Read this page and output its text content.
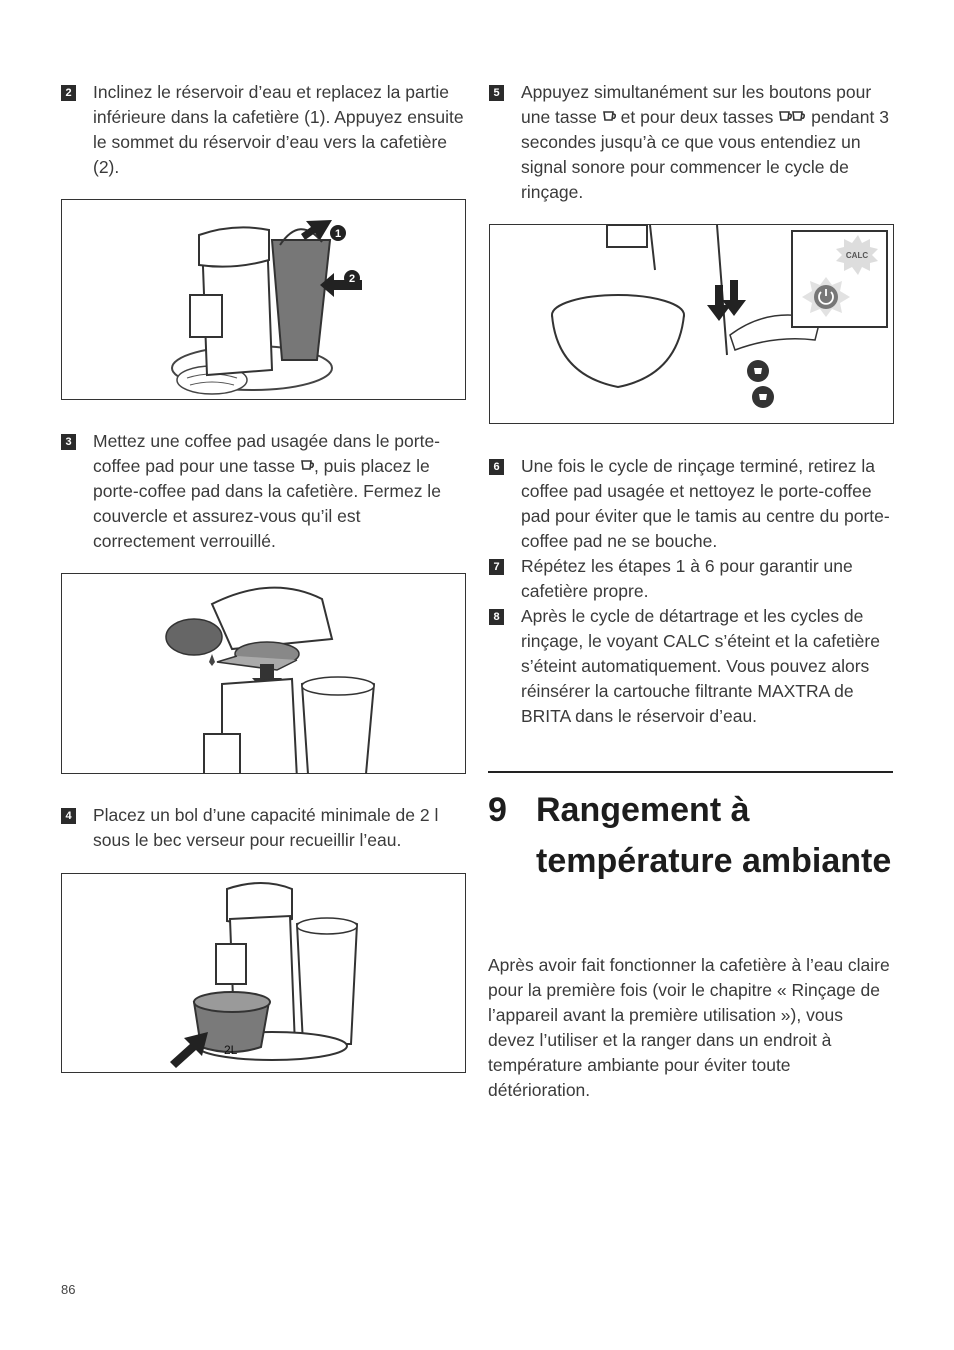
2 Inclinez le réservoir d’eau et replacez la partie inférieure dans la cafetière (1). Appuyez ensuite le sommet du réservoir d’eau vers la cafetière (2).
1
2
3 Mettez une coffee pad usagée dans le porte-coffee pad pour une tasse , puis placez le porte-coffee pad dans la cafetière. Fermez le couvercle et assurez-vous qu’il est correctement verrouillé.
4 Placez un bol d’une capacité minimale de 2 l sous le bec verseur pour recueillir l’eau.
2L
5 Appuyez simultanément sur les boutons pour une tasse et pour deux tasses pendant 3 secondes jusqu’à ce que vous entendiez un signal sonore pour commencer le cycle de rinçage.
CALC
6 Une fois le cycle de rinçage terminé, retirez la coffee pad usagée et nettoyez le porte-coffee pad pour éviter que le tamis au centre du porte-coffee pad ne se bouche.
7 Répétez les étapes 1 à 6 pour garantir une cafetière propre.
8 Après le cycle de détartrage et les cycles de rinçage, le voyant CALC s’éteint et la cafetière s’éteint automatiquement. Vous pouvez alors réinsérer la cartouche filtrante MAXTRA de BRITA dans le réservoir d’eau.
9 Rangement à température ambiante
Après avoir fait fonctionner la cafetière à l’eau claire pour la première fois (voir le chapitre « Rinçage de l’appareil avant la première utilisation »), vous devez l’utiliser et la ranger dans un endroit à température ambiante pour éviter toute détérioration.
86
